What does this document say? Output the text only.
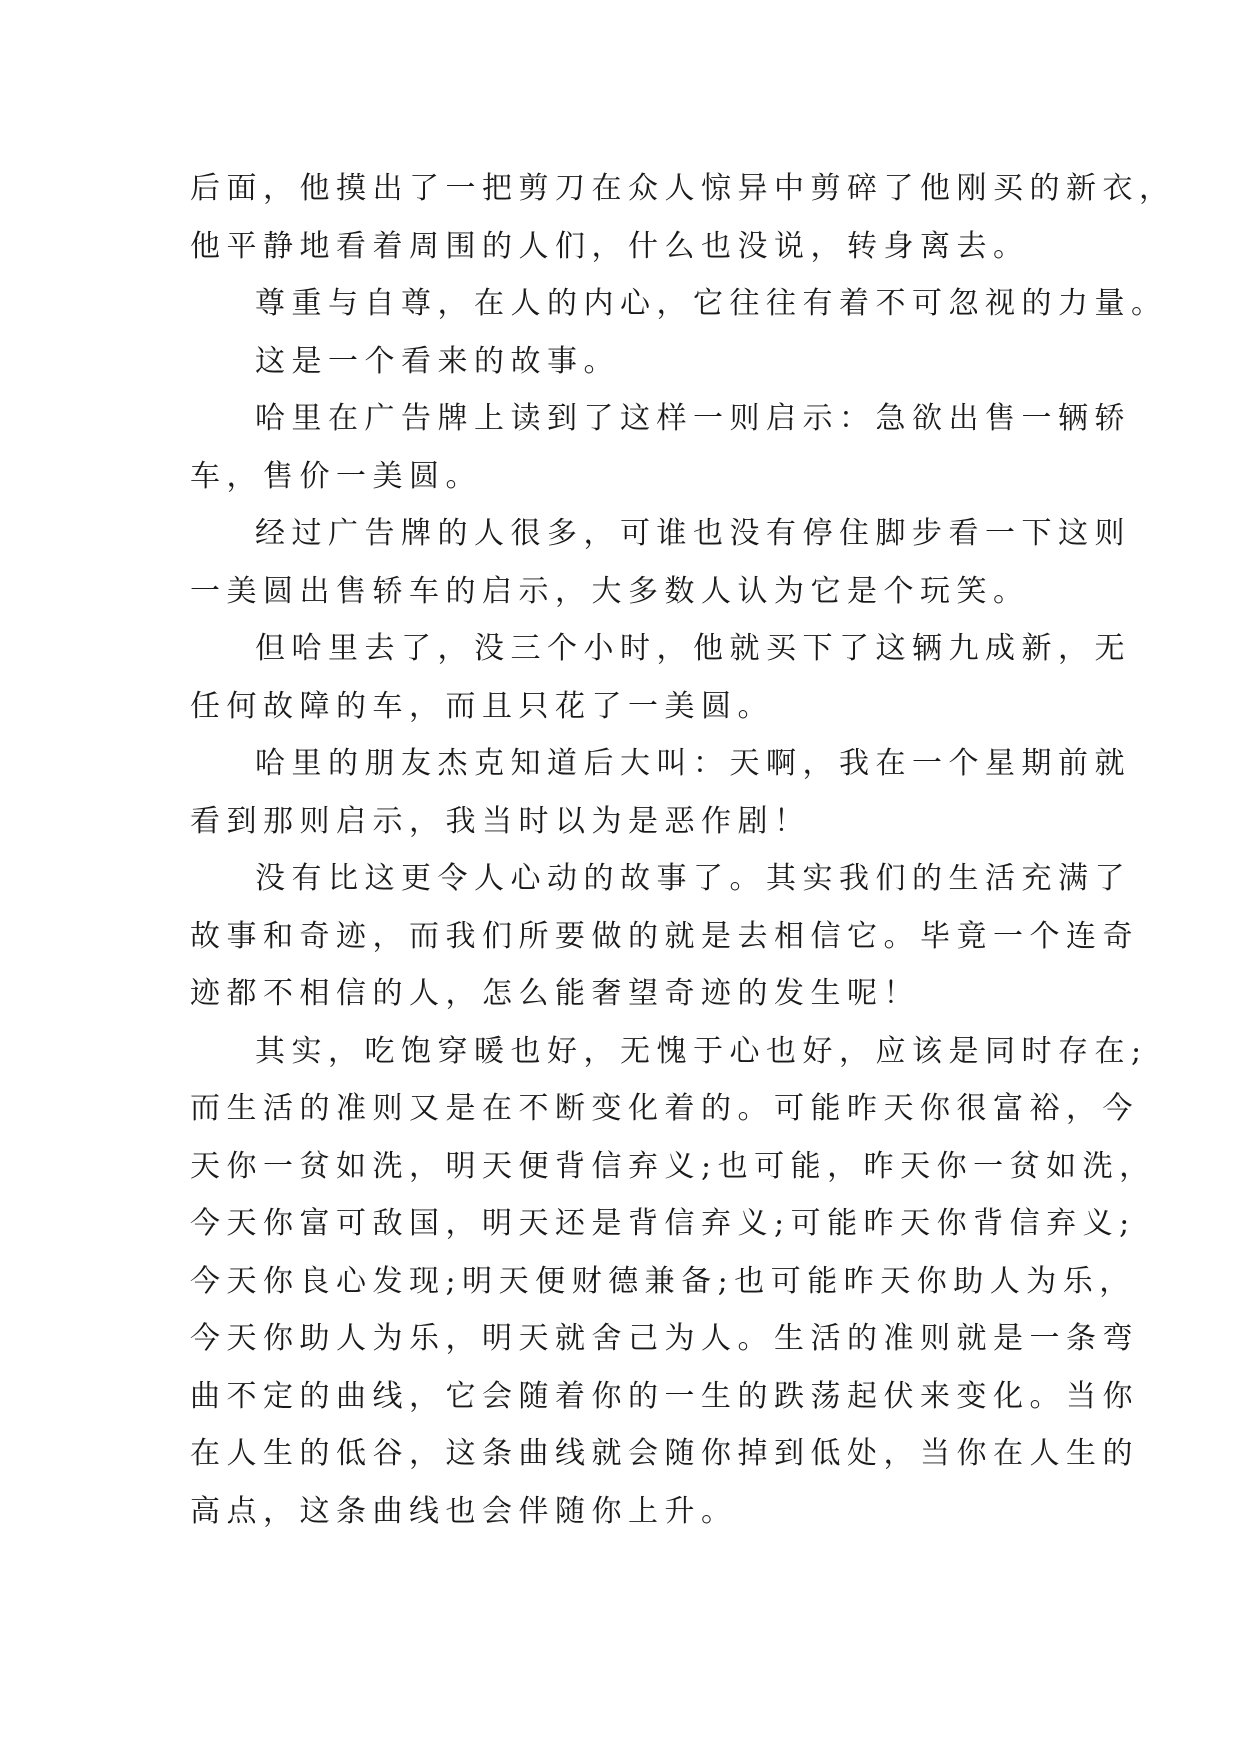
后面，他摸出了一把剪刀在众人惊异中剪碎了他刚买的新衣，
他平静地看着周围的人们，什么也没说，转身离去。
尊重与自尊，在人的内心，它往往有着不可忽视的力量。
这是一个看来的故事。
哈里在广告牌上读到了这样一则启示：急欲出售一辆轿
车，售价一美圆。
经过广告牌的人很多，可谁也没有停住脚步看一下这则
一美圆出售轿车的启示，大多数人认为它是个玩笑。
但哈里去了，没三个小时，他就买下了这辆九成新，无
任何故障的车，而且只花了一美圆。
哈里的朋友杰克知道后大叫：天啊，我在一个星期前就
看到那则启示，我当时以为是恶作剧！
没有比这更令人心动的故事了。其实我们的生活充满了
故事和奇迹，而我们所要做的就是去相信它。毕竟一个连奇
迹都不相信的人，怎么能奢望奇迹的发生呢！
其实，吃饱穿暖也好，无愧于心也好，应该是同时存在;
而生活的准则又是在不断变化着的。可能昨天你很富裕，今
天你一贫如洗，明天便背信弃义;也可能，昨天你一贫如洗，
今天你富可敌国，明天还是背信弃义;可能昨天你背信弃义;
今天你良心发现;明天便财德兼备;也可能昨天你助人为乐，
今天你助人为乐，明天就舍己为人。生活的准则就是一条弯
曲不定的曲线，它会随着你的一生的跌荡起伏来变化。当你
在人生的低谷，这条曲线就会随你掉到低处，当你在人生的
高点，这条曲线也会伴随你上升。
